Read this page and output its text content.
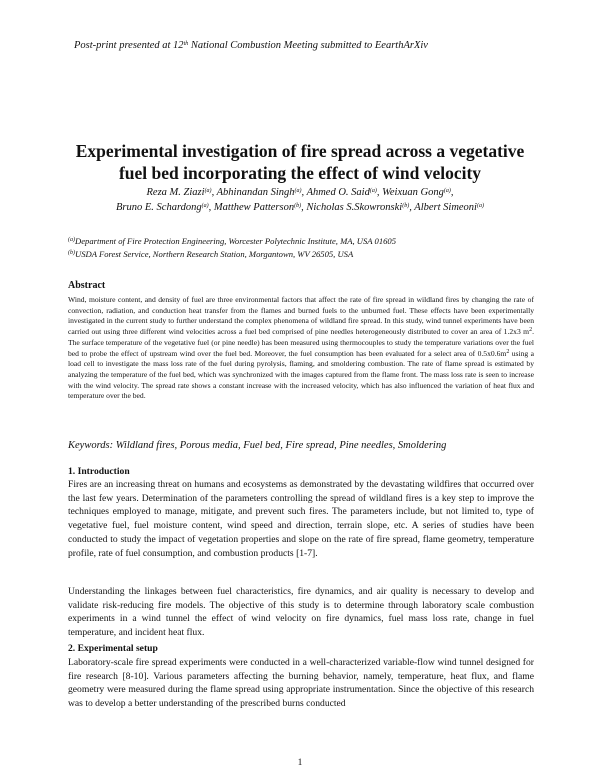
Post-print presented at 12th National Combustion Meeting submitted to EearthArXiv
Experimental investigation of fire spread across a vegetative fuel bed incorporating the effect of wind velocity
Reza M. Ziazi$^{(a)}$, Abhinandan Singh$^{(a)}$, Ahmed O. Said$^{(a)}$, Weixuan Gong$^{(a)}$,
Bruno E. Schardong$^{(a)}$, Matthew Patterson$^{(b)}$, Nicholas S.Skowronski$^{(b)}$, Albert Simeoni$^{(a)}$
$^{(a)}$Department of Fire Protection Engineering, Worcester Polytechnic Institute, MA, USA 01605
$^{(b)}$USDA Forest Service, Northern Research Station, Morgantown, WV 26505, USA
Abstract
Wind, moisture content, and density of fuel are three environmental factors that affect the rate of fire spread in wildland fires by changing the rate of convection, radiation, and conduction heat transfer from the flames and burned fuels to the unburned fuel. These effects have been experimentally investigated in the current study to further understand the complex phenomena of wildland fire spread. In this study, wind tunnel experiments have been carried out using three different wind velocities across a fuel bed comprised of pine needles heterogeneously distributed to cover an area of 1.2x3 $m^2$. The surface temperature of the vegetative fuel (or pine needle) has been measured using thermocouples to study the temperature variations over the fuel bed to probe the effect of upstream wind over the fuel bed. Moreover, the fuel consumption has been evaluated for a select area of $0.5x0.6m^2$ using a load cell to investigate the mass loss rate of the fuel during pyrolysis, flaming, and smoldering combustion. The rate of flame spread is estimated by analyzing the temperature of the fuel bed, which was synchronized with the images captured from the flame front. The mass loss rate is seen to increase with the wind velocity. The spread rate shows a constant increase with the increased velocity, which has also influenced the variation of heat flux and temperature over the bed.
Keywords: Wildland fires, Porous media, Fuel bed, Fire spread, Pine needles, Smoldering
1. Introduction
Fires are an increasing threat on humans and ecosystems as demonstrated by the devastating wildfires that occurred over the last few years. Determination of the parameters controlling the spread of wildland fires is a key step to improve the techniques employed to manage, mitigate, and prevent such fires. The parameters include, but not limited to, type of vegetative fuel, fuel moisture content, wind speed and direction, terrain slope, etc. A series of studies have been conducted to study the impact of vegetation properties and slope on the rate of fire spread, flame geometry, temperature profile, rate of fuel consumption, and combustion products [1-7].
Understanding the linkages between fuel characteristics, fire dynamics, and air quality is necessary to develop and validate risk-reducing fire models. The objective of this study is to determine through laboratory scale combustion experiments in a wind tunnel the effect of wind velocity on fire dynamics, fuel mass loss rate, change in fuel temperature, and incident heat flux.
2. Experimental setup
Laboratory-scale fire spread experiments were conducted in a well-characterized variable-flow wind tunnel designed for fire research [8-10]. Various parameters affecting the burning behavior, namely, temperature, heat flux, and flame geometry were measured during the flame spread using appropriate instrumentation. Since the objective of this research was to develop a better understanding of the prescribed burns conducted
1
